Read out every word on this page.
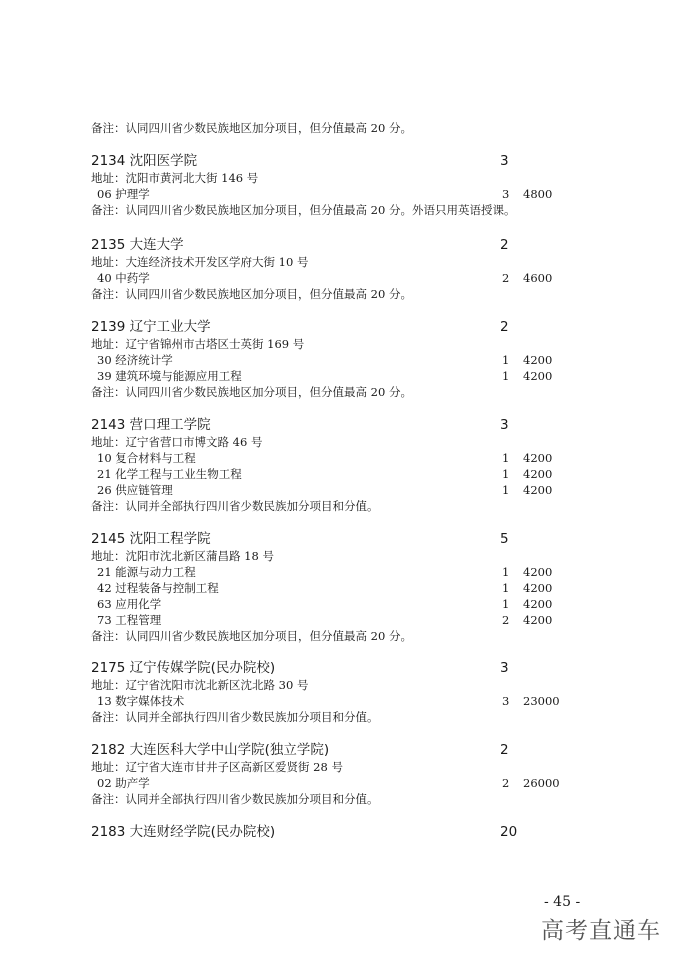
备注：认同四川省少数民族地区加分项目，但分值最高 20 分。
2134 沈阳医学院	3
地址：沈阳市黄河北大街 146 号
06 护理学	3 4800
备注：认同四川省少数民族地区加分项目，但分值最高 20 分。外语只用英语授课。
2135 大连大学	2
地址：大连经济技术开发区学府大街 10 号
40 中药学	2 4600
备注：认同四川省少数民族地区加分项目，但分值最高 20 分。
2139 辽宁工业大学	2
地址：辽宁省锦州市古塔区士英街 169 号
30 经济统计学	1 4200
39 建筑环境与能源应用工程	1 4200
备注：认同四川省少数民族地区加分项目，但分值最高 20 分。
2143 营口理工学院	3
地址：辽宁省营口市博文路 46 号
10 复合材料与工程	1 4200
21 化学工程与工业生物工程	1 4200
26 供应链管理	1 4200
备注：认同并全部执行四川省少数民族加分项目和分值。
2145 沈阳工程学院	5
地址：沈阳市沈北新区蒲昌路 18 号
21 能源与动力工程	1 4200
42 过程装备与控制工程	1 4200
63 应用化学	1 4200
73 工程管理	2 4200
备注：认同四川省少数民族地区加分项目，但分值最高 20 分。
2175 辽宁传媒学院(民办院校)	3
地址：辽宁省沈阳市沈北新区沈北路 30 号
13 数字媒体技术	3 23000
备注：认同并全部执行四川省少数民族加分项目和分值。
2182 大连医科大学中山学院(独立学院)	2
地址：辽宁省大连市甘井子区高新区爱贤街 28 号
02 助产学	2 26000
备注：认同并全部执行四川省少数民族加分项目和分值。
2183 大连财经学院(民办院校)	20
- 45 -
高考直通车
